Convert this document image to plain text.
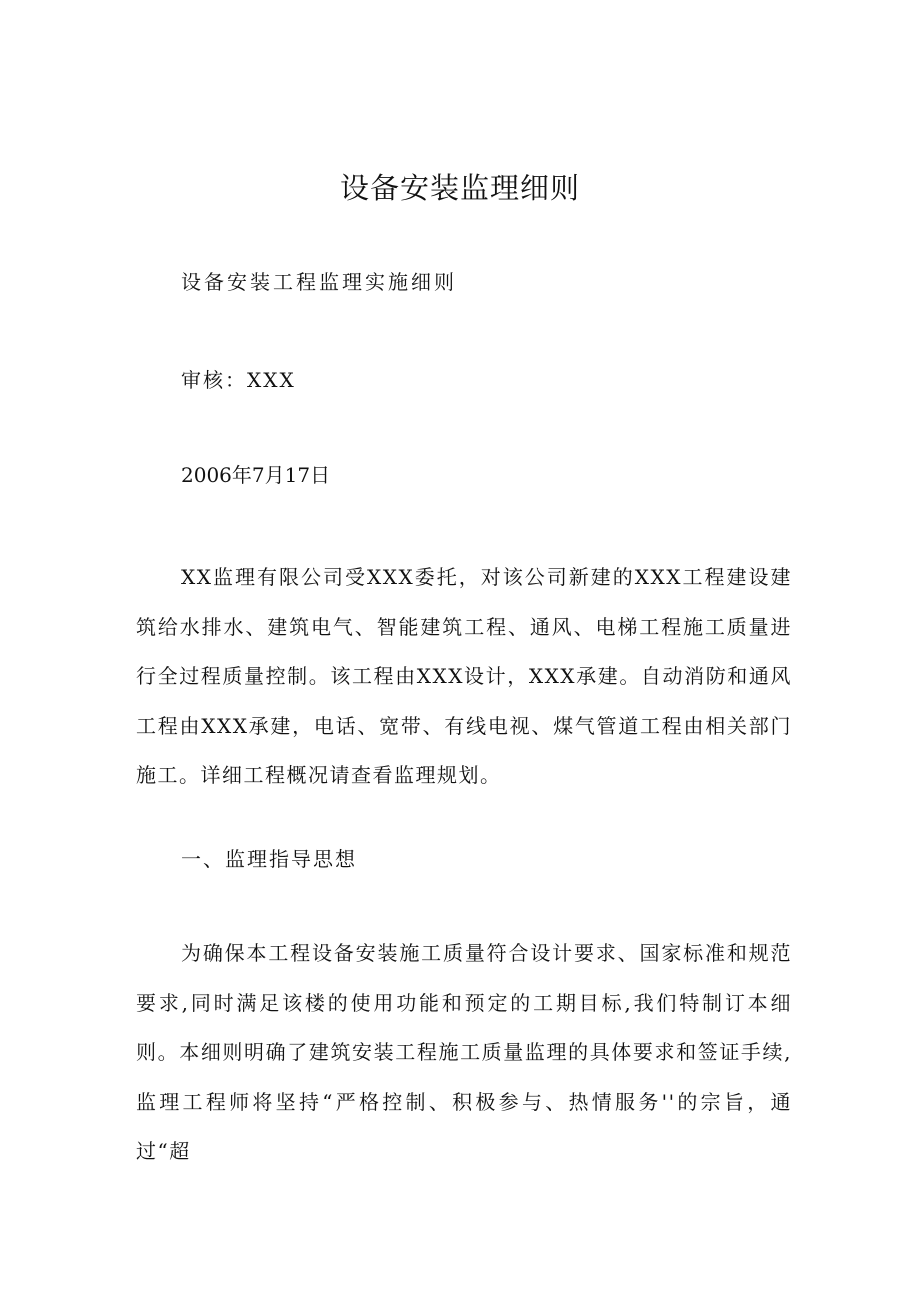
设备安装监理细则
设备安装工程监理实施细则
审核：XXX
2006年7月17日
XX监理有限公司受XXX委托，对该公司新建的XXX工程建设建筑给水排水、建筑电气、智能建筑工程、通风、电梯工程施工质量进行全过程质量控制。该工程由XXX设计，XXX承建。自动消防和通风工程由XXX承建，电话、宽带、有线电视、煤气管道工程由相关部门施工。详细工程概况请查看监理规划。
一、监理指导思想
为确保本工程设备安装施工质量符合设计要求、国家标准和规范要求,同时满足该楼的使用功能和预定的工期目标,我们特制订本细则。本细则明确了建筑安装工程施工质量监理的具体要求和签证手续,监理工程师将坚持“严格控制、积极参与、热情服务''的宗旨，通过“超
